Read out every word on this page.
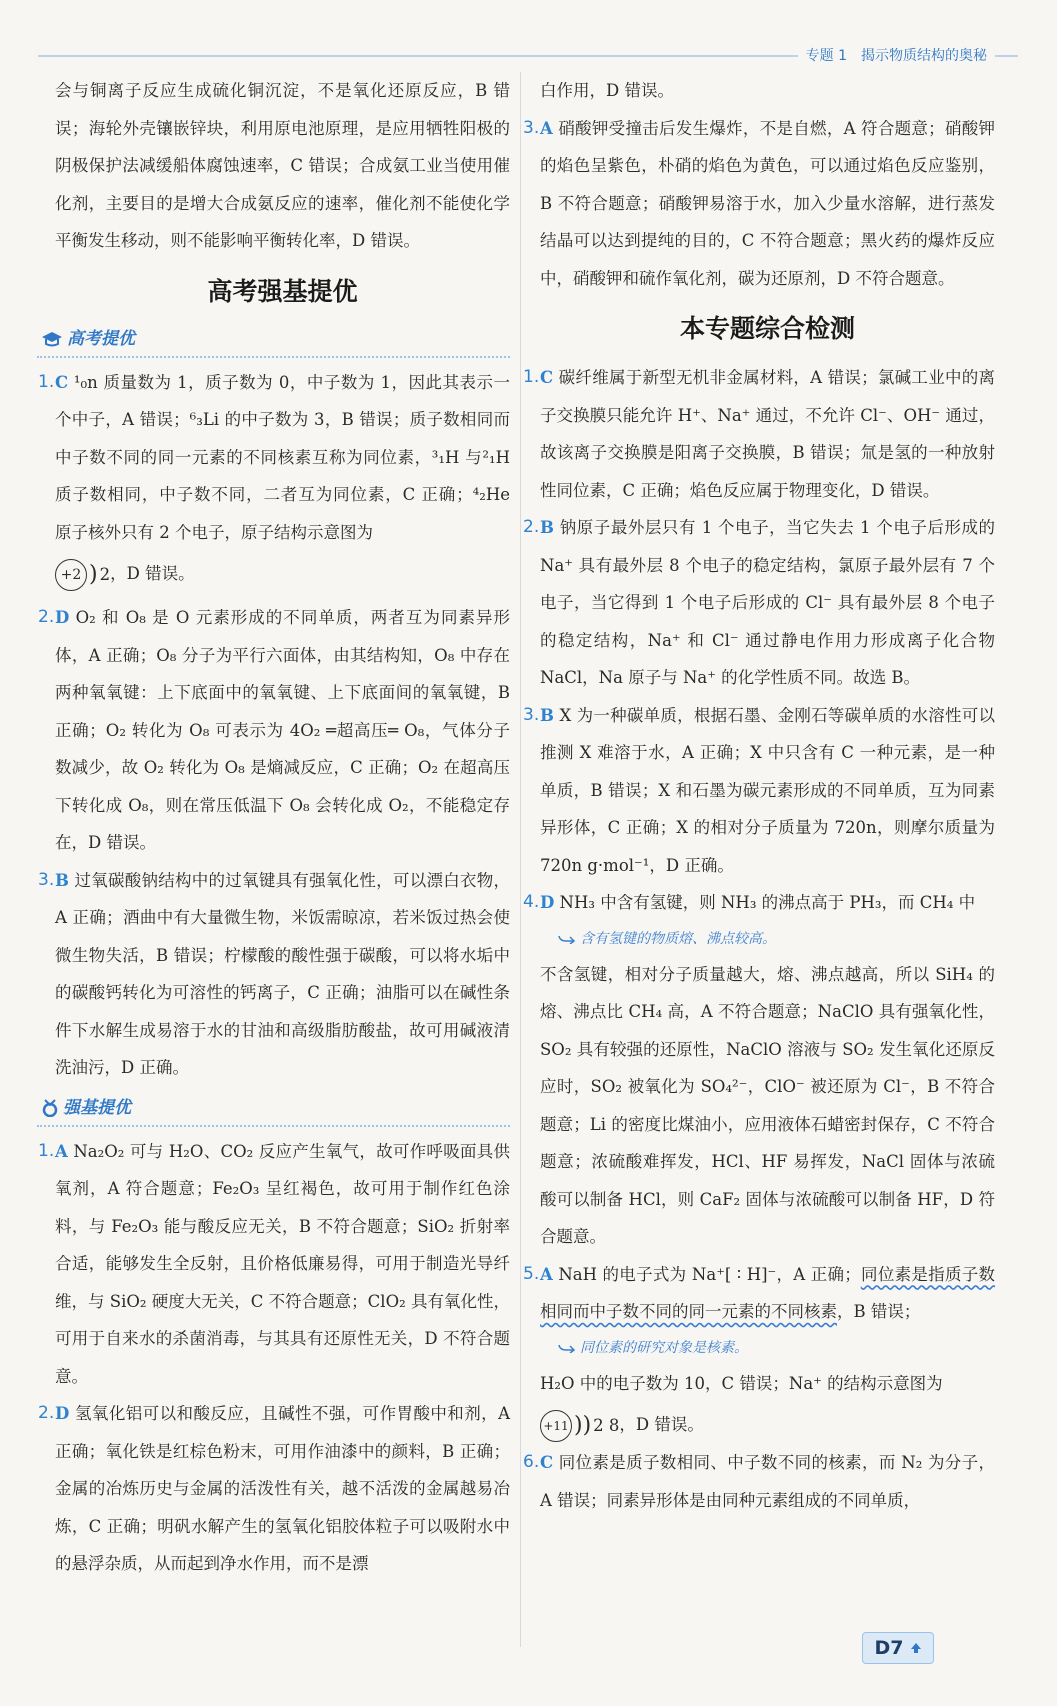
专题 1　揭示物质结构的奥秘

会与铜离子反应生成硫化铜沉淀，不是氧化还原反应，B 错误；海轮外壳镶嵌锌块，利用原电池原理，是应用牺牲阳极的阴极保护法减缓船体腐蚀速率，C 错误；合成氨工业当使用催化剂，主要目的是增大合成氨反应的速率，催化剂不能使化学平衡发生移动，则不能影响平衡转化率，D 错误。

高考强基提优
高考提优
1. C ¹₀n 质量数为 1，质子数为 0，中子数为 1，因此其表示一个中子，A 错误；⁶₃Li 的中子数为 3，B 错误；质子数相同而中子数不同的同一元素的不同核素互称为同位素，³₁H 与²₁H 质子数相同，中子数不同，二者互为同位素，C 正确；⁴₂He 原子核外只有 2 个电子，原子结构示意图为
+2 ) 2 ，D 错误。
2. D O₂ 和 O₈ 是 O 元素形成的不同单质，两者互为同素异形体，A 正确；O₈ 分子为平行六面体，由其结构知，O₈ 中存在两种氧氧键：上下底面中的氧氧键、上下底面间的氧氧键，B 正确；O₂ 转化为 O₈ 可表示为 4O₂ ═超高压═ O₈，气体分子数减少，故 O₂ 转化为 O₈ 是熵减反应，C 正确；O₂ 在超高压下转化成 O₈，则在常压低温下 O₈ 会转化成 O₂，不能稳定存在，D 错误。
3. B 过氧碳酸钠结构中的过氧键具有强氧化性，可以漂白衣物，A 正确；酒曲中有大量微生物，米饭需晾凉，若米饭过热会使微生物失活，B 错误；柠檬酸的酸性强于碳酸，可以将水垢中的碳酸钙转化为可溶性的钙离子，C 正确；油脂可以在碱性条件下水解生成易溶于水的甘油和高级脂肪酸盐，故可用碱液清洗油污，D 正确。
强基提优
1. A Na₂O₂ 可与 H₂O、CO₂ 反应产生氧气，故可作呼吸面具供氧剂，A 符合题意；Fe₂O₃ 呈红褐色，故可用于制作红色涂料，与 Fe₂O₃ 能与酸反应无关，B 不符合题意；SiO₂ 折射率合适，能够发生全反射，且价格低廉易得，可用于制造光导纤维，与 SiO₂ 硬度大无关，C 不符合题意；ClO₂ 具有氧化性，可用于自来水的杀菌消毒，与其具有还原性无关，D 不符合题意。
2. D 氢氧化铝可以和酸反应，且碱性不强，可作胃酸中和剂，A 正确；氧化铁是红棕色粉末，可用作油漆中的颜料，B 正确；金属的冶炼历史与金属的活泼性有关，越不活泼的金属越易冶炼，C 正确；明矾水解产生的氢氧化铝胶体粒子可以吸附水中的悬浮杂质，从而起到净水作用，而不是漂

白作用，D 错误。

3. A 硝酸钾受撞击后发生爆炸，不是自燃，A 符合题意；硝酸钾的焰色呈紫色，朴硝的焰色为黄色，可以通过焰色反应鉴别，B 不符合题意；硝酸钾易溶于水，加入少量水溶解，进行蒸发结晶可以达到提纯的目的，C 不符合题意；黑火药的爆炸反应中，硝酸钾和硫作氧化剂，碳为还原剂，D 不符合题意。
本专题综合检测
1. C 碳纤维属于新型无机非金属材料，A 错误；氯碱工业中的离子交换膜只能允许 H⁺、Na⁺ 通过，不允许 Cl⁻、OH⁻ 通过，故该离子交换膜是阳离子交换膜，B 错误；氚是氢的一种放射性同位素，C 正确；焰色反应属于物理变化，D 错误。
2. B 钠原子最外层只有 1 个电子，当它失去 1 个电子后形成的 Na⁺ 具有最外层 8 个电子的稳定结构，氯原子最外层有 7 个电子，当它得到 1 个电子后形成的 Cl⁻ 具有最外层 8 个电子的稳定结构，Na⁺ 和 Cl⁻ 通过静电作用力形成离子化合物 NaCl，Na 原子与 Na⁺ 的化学性质不同。故选 B。
3. B X 为一种碳单质，根据石墨、金刚石等碳单质的水溶性可以推测 X 难溶于水，A 正确；X 中只含有 C 一种元素，是一种单质，B 错误；X 和石墨为碳元素形成的不同单质，互为同素异形体，C 正确；X 的相对分子质量为 720n，则摩尔质量为 720n g·mol⁻¹，D 正确。
4. D NH₃ 中含有氢键，则 NH₃ 的沸点高于 PH₃，而 CH₄ 中
含有氢键的物质熔、沸点较高。
不含氢键，相对分子质量越大，熔、沸点越高，所以 SiH₄ 的熔、沸点比 CH₄ 高，A 不符合题意；NaClO 具有强氧化性，SO₂ 具有较强的还原性，NaClO 溶液与 SO₂ 发生氧化还原反应时，SO₂ 被氧化为 SO₄²⁻，ClO⁻ 被还原为 Cl⁻，B 不符合题意；Li 的密度比煤油小，应用液体石蜡密封保存，C 不符合题意；浓硫酸难挥发，HCl、HF 易挥发，NaCl 固体与浓硫酸可以制备 HCl，则 CaF₂ 固体与浓硫酸可以制备 HF，D 符合题意。
5. A NaH 的电子式为 Na⁺[ ∶ H]⁻，A 正确；同位素是指质子数相同而中子数不同的同一元素的不同核素，B 错误；
同位素的研究对象是核素。
H₂O 中的电子数为 10，C 错误；Na⁺ 的结构示意图为
+11 )) 2 8 ，D 错误。
6. C 同位素是质子数相同、中子数不同的核素，而 N₂ 为分子，A 错误；同素异形体是由同种元素组成的不同单质，
D7
